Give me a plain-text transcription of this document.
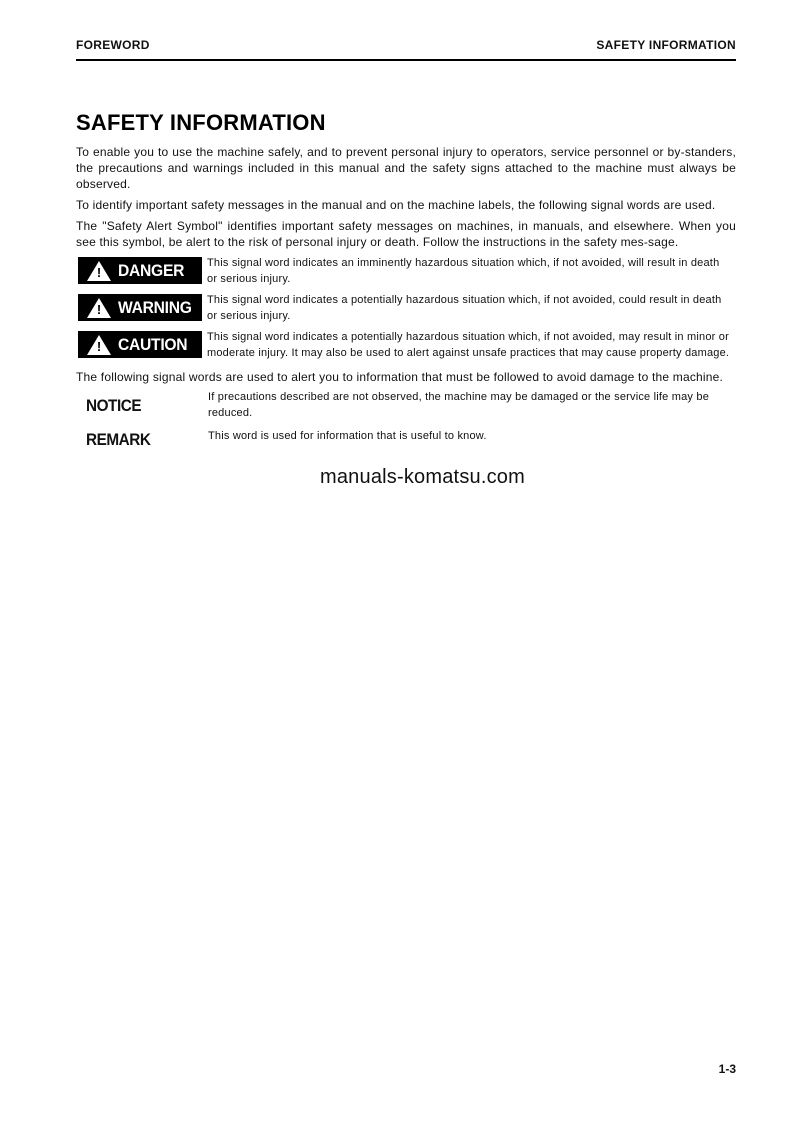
FOREWORD	SAFETY INFORMATION
SAFETY INFORMATION

To enable you to use the machine safely, and to prevent personal injury to operators, service personnel or by-standers, the precautions and warnings included in this manual and the safety signs attached to the machine must always be observed.

To identify important safety messages in the manual and on the machine labels, the following signal words are used.

The "Safety Alert Symbol" identifies important safety messages on machines, in manuals, and elsewhere. When you see this symbol, be alert to the risk of personal injury or death. Follow the instructions in the safety mes-sage.

! DANGER This signal word indicates an imminently hazardous situation which, if not avoided, will result in death or serious injury.
! WARNING This signal word indicates a potentially hazardous situation which, if not avoided, could result in death or serious injury.
! CAUTION This signal word indicates a potentially hazardous situation which, if not avoided, may result in minor or moderate injury. It may also be used to alert against unsafe practices that may cause property damage.

The following signal words are used to alert you to information that must be followed to avoid damage to the machine.

NOTICE	If precautions described are not observed, the machine may be damaged or the service life may be reduced.
REMARK	This word is used for information that is useful to know.
manuals-komatsu.com
1-3
